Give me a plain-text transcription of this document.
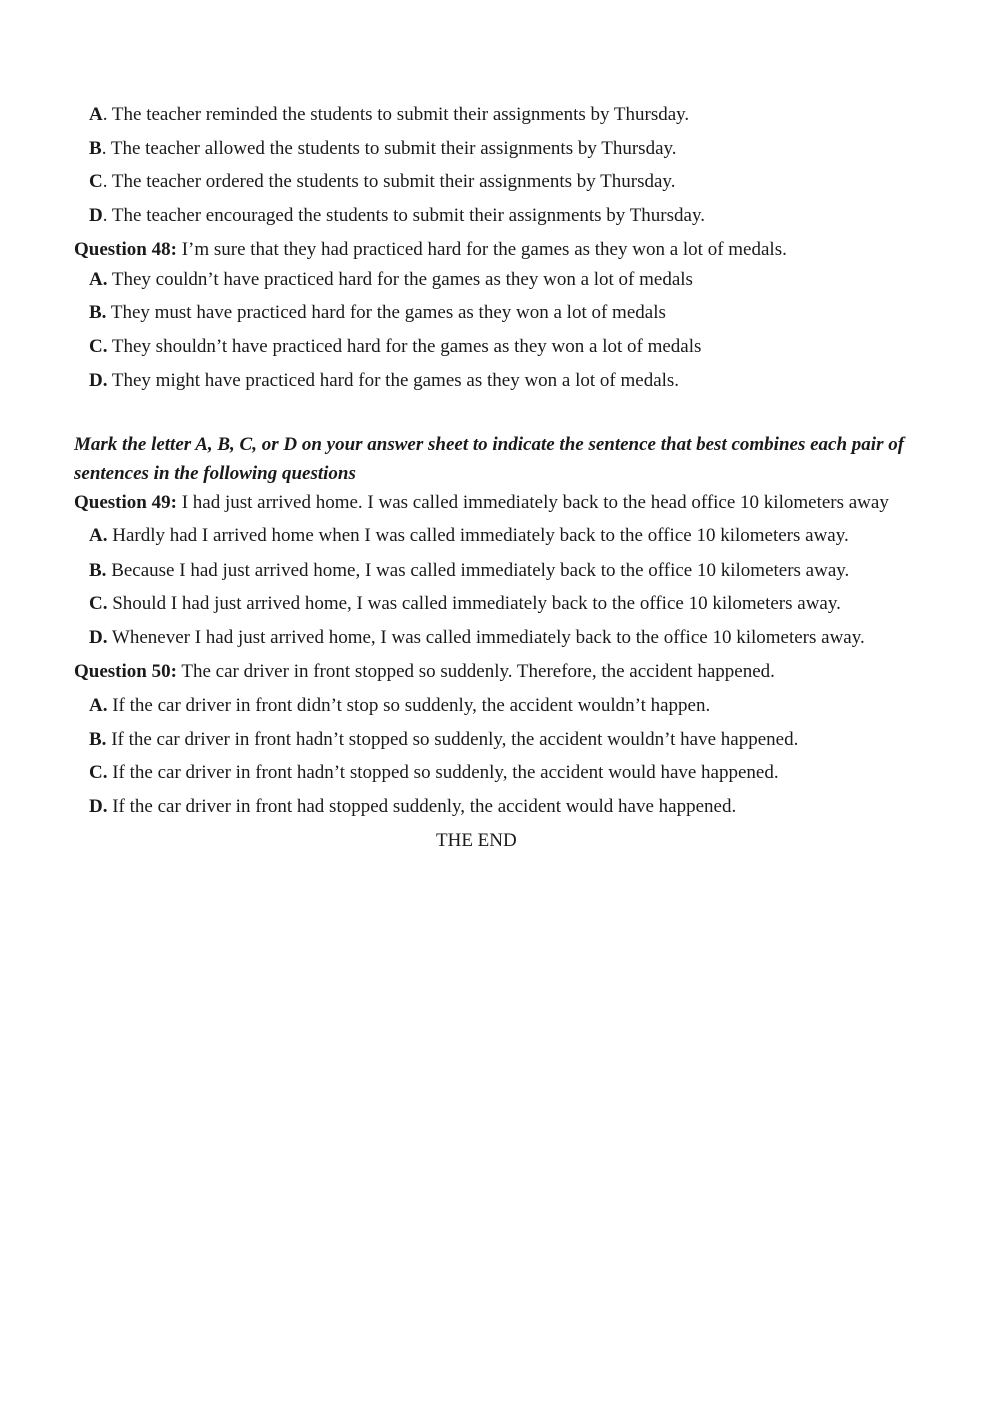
A. The teacher reminded the students to submit their assignments by Thursday.
B. The teacher allowed the students to submit their assignments by Thursday.
C. The teacher ordered the students to submit their assignments by Thursday.
D. The teacher encouraged the students to submit their assignments by Thursday.
Question 48: I’m sure that they had practiced hard for the games as they won a lot of medals.
A. They couldn’t have practiced hard for the games as they won a lot of medals
B. They must have practiced hard for the games as they won a lot of medals
C. They shouldn’t have practiced hard for the games as they won a lot of medals
D. They might have practiced hard for the games as they won a lot of medals.
Mark the letter A, B, C, or D on your answer sheet to indicate the sentence that best combines each pair of
sentences in the following questions
Question 49: I had just arrived home. I was called immediately back to the head office 10 kilometers away
A. Hardly had I arrived home when I was called immediately back to the office 10 kilometers away.
B. Because I had just arrived home, I was called immediately back to the office 10 kilometers away.
C. Should I had just arrived home, I was called immediately back to the office 10 kilometers away.
D. Whenever I had just arrived home, I was called immediately back to the office 10 kilometers away.
Question 50: The car driver in front stopped so suddenly. Therefore, the accident happened.
A. If the car driver in front didn’t stop so suddenly, the accident wouldn’t happen.
B. If the car driver in front hadn’t stopped so suddenly, the accident wouldn’t have happened.
C. If the car driver in front hadn’t stopped so suddenly, the accident would have happened.
D. If the car driver in front had stopped suddenly, the accident would have happened.
THE END
